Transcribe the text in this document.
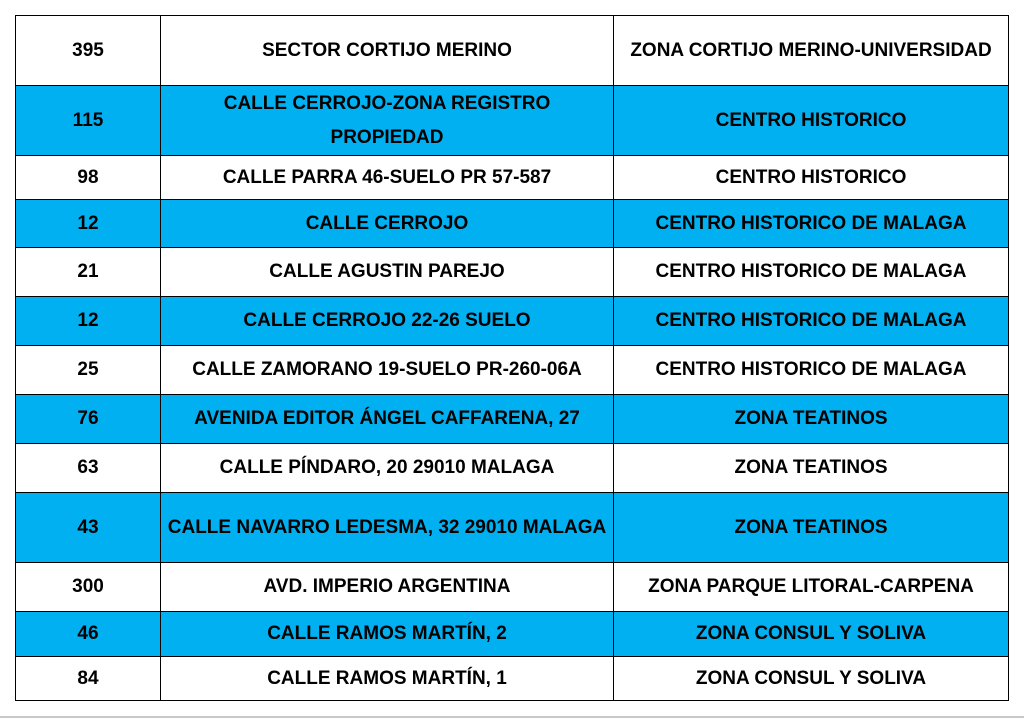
395	SECTOR CORTIJO MERINO	ZONA CORTIJO MERINO-UNIVERSIDAD
115	CALLE CERROJO-ZONA REGISTRO PROPIEDAD	CENTRO HISTORICO
98	CALLE PARRA 46-SUELO PR 57-587	CENTRO HISTORICO
12	CALLE CERROJO	CENTRO HISTORICO DE MALAGA
21	CALLE AGUSTIN PAREJO	CENTRO HISTORICO DE MALAGA
12	CALLE CERROJO 22-26 SUELO	CENTRO HISTORICO DE MALAGA
25	CALLE ZAMORANO 19-SUELO PR-260-06A	CENTRO HISTORICO DE MALAGA
76	AVENIDA EDITOR ÁNGEL CAFFARENA, 27	ZONA TEATINOS
63	CALLE PÍNDARO, 20 29010 MALAGA	ZONA TEATINOS
43	CALLE NAVARRO LEDESMA, 32 29010 MALAGA	ZONA TEATINOS
300	AVD. IMPERIO ARGENTINA	ZONA PARQUE LITORAL-CARPENA
46	CALLE RAMOS MARTÍN, 2	ZONA CONSUL Y SOLIVA
84	CALLE RAMOS MARTÍN, 1	ZONA CONSUL Y SOLIVA
